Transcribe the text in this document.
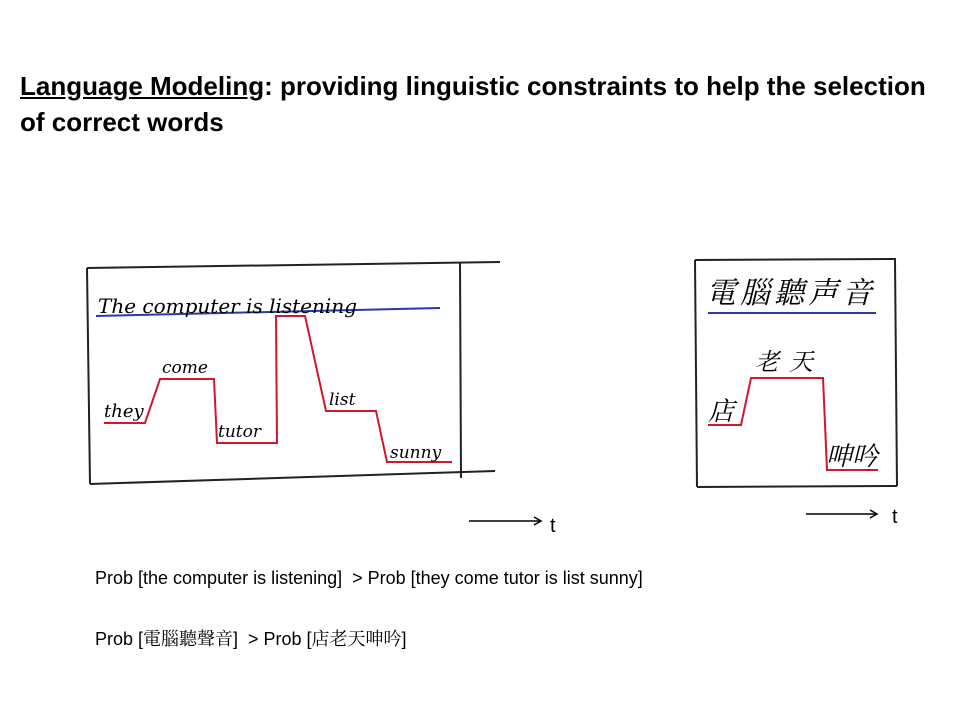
Language Modeling: providing linguistic constraints to help the selection of correct words
The computer is listening
they
come
tutor
list
sunny
t
電腦聽声音
店
老天
呻吟
t
Prob [the computer is listening]  > Prob [they come tutor is list sunny]
Prob [電腦聽聲音]  > Prob [店老天呻吟]
